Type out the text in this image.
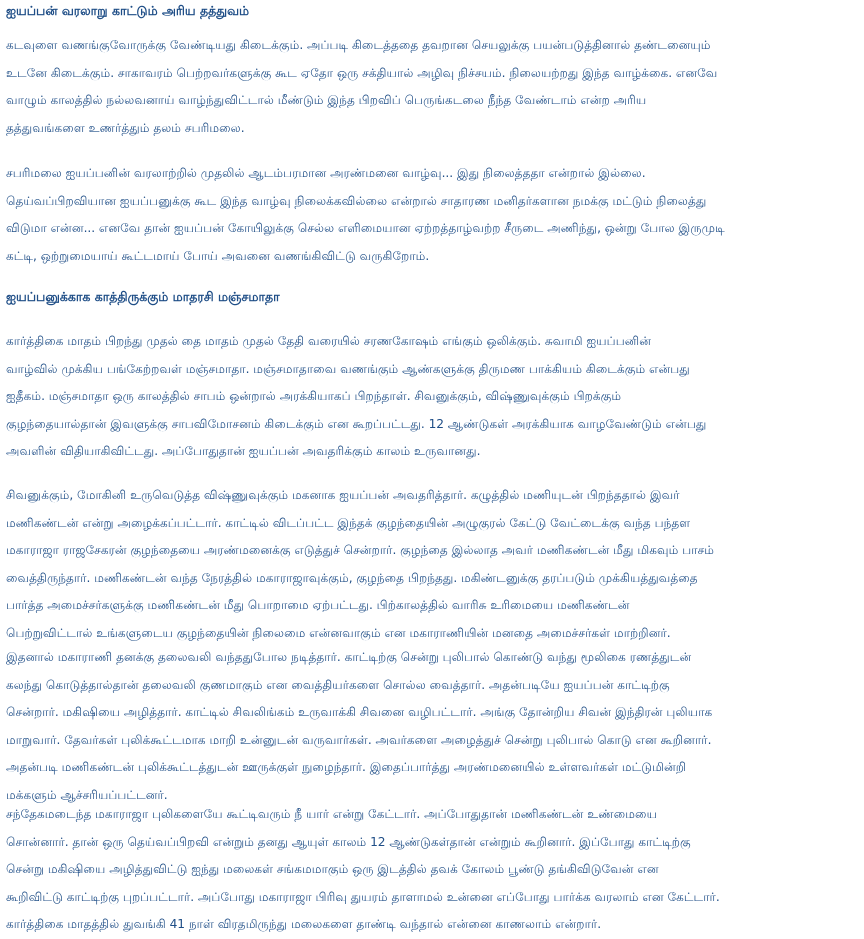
ஐயப்பன் வரலாறு காட்டும் அரிய தத்துவம்
கடவுளை வணங்குவோருக்கு வேண்டியது கிடைக்கும். அப்படி கிடைத்ததை தவறான செயலுக்கு பயன்படுத்தினால் தண்டனையும்
உடனே கிடைக்கும். சாகாவரம் பெற்றவர்களுக்கு கூட ஏதோ ஒரு சக்தியால் அழிவு நிச்சயம். நிலையற்றது இந்த வாழ்க்கை. எனவே
வாழும் காலத்தில் நல்லவனாய் வாழ்ந்துவிட்டால் மீண்டும் இந்த பிறவிப் பெருங்கடலை நீந்த வேண்டாம் என்ற அரிய
தத்துவங்களை உணர்த்தும் தலம் சபரிமலை.
சபரிமலை ஐயப்பனின் வரலாற்றில் முதலில் ஆடம்பரமான அரண்மனை வாழ்வு... இது நிலைத்ததா என்றால் இல்லை.
தெய்வப்பிறவியான ஐயப்பனுக்கு கூட இந்த வாழ்வு நிலைக்கவில்லை என்றால் சாதாரண மனிதர்களான நமக்கு மட்டும் நிலைத்து
விடுமா என்ன... எனவே தான் ஐயப்பன் கோயிலுக்கு செல்ல எளிமையான ஏற்றத்தாழ்வற்ற சீருடை அணிந்து, ஒன்று போல இருமுடி
கட்டி, ஒற்றுமையாய் கூட்டமாய் போய் அவனை வணங்கிவிட்டு வருகிறோம்.
ஐயப்பனுக்காக காத்திருக்கும் மாதரசி மஞ்சமாதா
கார்த்திகை மாதம் பிறந்து முதல் தை மாதம் முதல் தேதி வரையில் சரணகோஷம் எங்கும் ஒலிக்கும். சுவாமி ஐயப்பனின்
வாழ்வில் முக்கிய பங்கேற்றவள் மஞ்சமாதா. மஞ்சமாதாவை வணங்கும் ஆண்களுக்கு திருமண பாக்கியம் கிடைக்கும் என்பது
ஐதீகம். மஞ்சமாதா ஒரு காலத்தில் சாபம் ஒன்றால் அரக்கியாகப் பிறந்தாள். சிவனுக்கும், விஷ்ணுவுக்கும் பிறக்கும்
குழந்தையால்தான் இவளுக்கு சாபவிமோசனம் கிடைக்கும் என கூறப்பட்டது. 12 ஆண்டுகள் அரக்கியாக வாழவேண்டும் என்பது
அவளின் விதியாகிவிட்டது. அப்போதுதான் ஐயப்பன் அவதரிக்கும் காலம் உருவானது.
சிவனுக்கும், மோகினி உருவெடுத்த விஷ்ணுவுக்கும் மகனாக ஐயப்பன் அவதரித்தார். கழுத்தில் மணியுடன் பிறந்ததால் இவர்
மணிகண்டன் என்று அழைக்கப்பட்டார். காட்டில் விடப்பட்ட இந்தக் குழந்தையின் அழுகுரல் கேட்டு வேட்டைக்கு வந்த பந்தள
மகாராஜா ராஜசேகரன் குழந்தையை அரண்மனைக்கு எடுத்துச் சென்றார். குழந்தை இல்லாத அவர் மணிகண்டன் மீது மிகவும் பாசம்
வைத்திருந்தார். மணிகண்டன் வந்த நேரத்தில் மகாராஜாவுக்கும், குழந்தை பிறந்தது. மகிண்டனுக்கு தரப்படும் முக்கியத்துவத்தை
பார்த்த அமைச்சர்களுக்கு மணிகண்டன் மீது பொறாமை ஏற்பட்டது. பிற்காலத்தில் வாரிசு உரிமையை மணிகண்டன்
பெற்றுவிட்டால் உங்களுடைய குழந்தையின் நிலைமை என்னவாகும் என மகாராணியின் மனதை அமைச்சர்கள் மாற்றினர்.
இதனால் மகாராணி தனக்கு தலைவலி வந்ததுபோல நடித்தார். காட்டிற்கு சென்று புலிபால் கொண்டு வந்து மூலிகை ரணத்துடன்
கலந்து கொடுத்தால்தான் தலைவலி குணமாகும் என வைத்தியர்களை சொல்ல வைத்தார். அதன்படியே ஐயப்பன் காட்டிற்கு
சென்றார். மகிஷியை அழித்தார். காட்டில் சிவலிங்கம் உருவாக்கி சிவனை வழிபட்டார். அங்கு தோன்றிய சிவன் இந்திரன் புலியாக
மாறுவார். தேவர்கள் புலிக்கூட்டமாக மாறி உன்னுடன் வருவார்கள். அவர்களை அழைத்துச் சென்று புலிபால் கொடு என கூறினார்.
அதன்படி மணிகண்டன் புலிக்கூட்டத்துடன் ஊருக்குள் நுழைந்தார். இதைப்பார்த்து அரண்மனையில் உள்ளவர்கள் மட்டுமின்றி
மக்களும் ஆச்சரியப்பட்டனர்.
சந்தேகமடைந்த மகாராஜா புலிகளையே கூட்டிவரும் நீ யார் என்று கேட்டார். அப்போதுதான் மணிகண்டன் உண்மையை
சொன்னார். தான் ஒரு தெய்வப்பிறவி என்றும் தனது ஆயுள் காலம் 12 ஆண்டுகள்தான் என்றும் கூறினார். இப்போது காட்டிற்கு
சென்று மகிஷியை அழித்துவிட்டு ஐந்து மலைகள் சங்கமமாகும் ஒரு இடத்தில் தவக் கோலம் பூண்டு தங்கிவிடுவேன் என
கூறிவிட்டு காட்டிற்கு புறப்பட்டார். அப்போது மகாராஜா பிரிவு துயரம் தாளாமல் உன்னை எப்போது பார்க்க வரலாம் என கேட்டார்.
கார்த்திகை மாதத்தில் துவங்கி 41 நாள் விரதமிருந்து மலைகளை தாண்டி வந்தால் என்னை காணலாம் என்றார்.
